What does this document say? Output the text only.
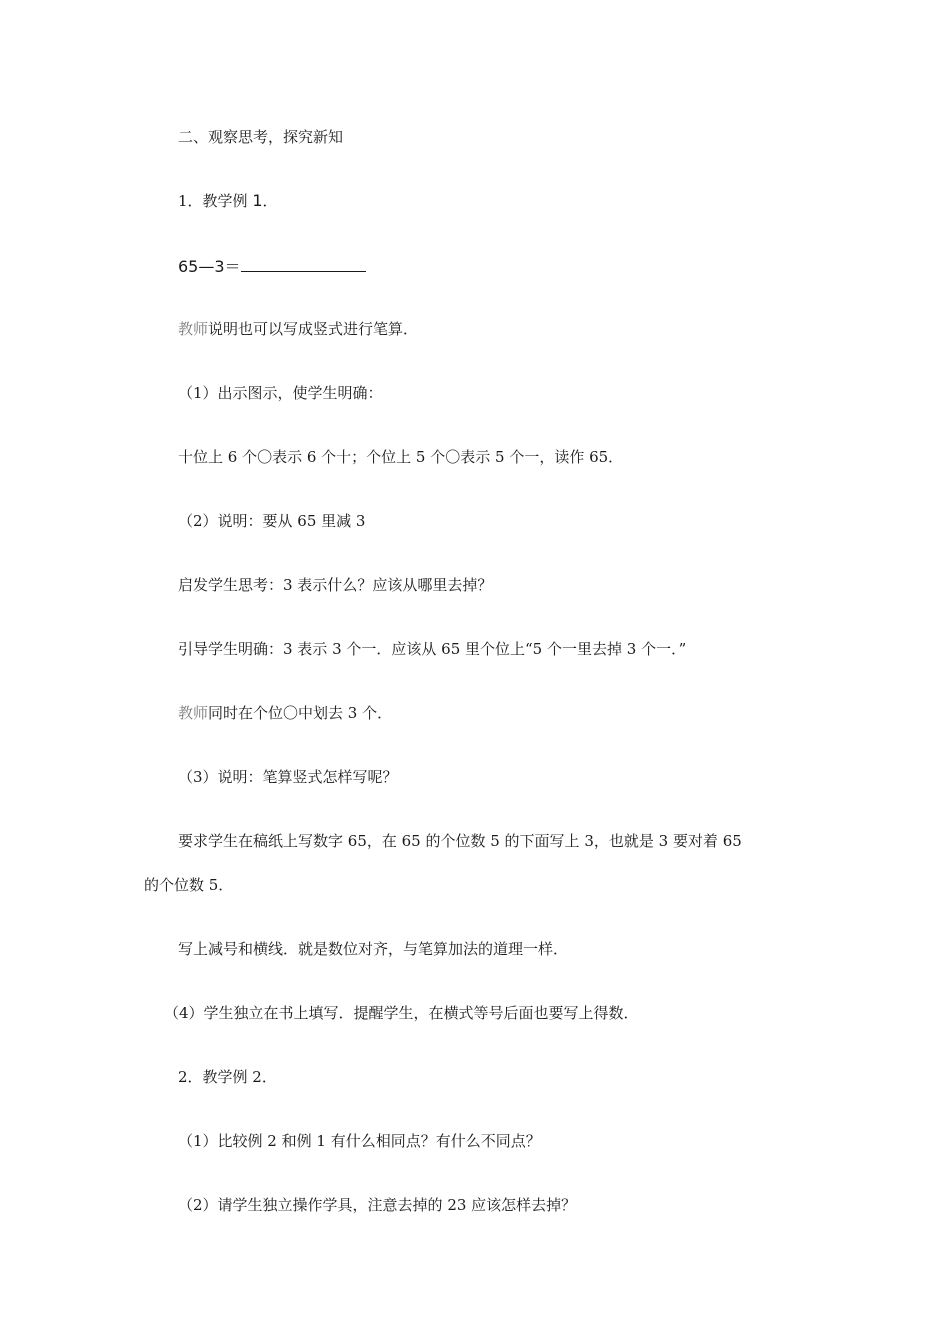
二、观察思考，探究新知
1．教学例 1．
65—3＝
教师说明也可以写成竖式进行笔算．
（1）出示图示，使学生明确：
十位上 6 个〇表示 6 个十；个位上 5 个〇表示 5 个一，读作 65．
（2）说明：要从 65 里减 3
启发学生思考：3 表示什么？应该从哪里去掉？
引导学生明确：3 表示 3 个一．应该从 65 里个位上“5 个一里去掉 3 个一．”
教师同时在个位〇中划去 3 个．
（3）说明：笔算竖式怎样写呢？
要求学生在稿纸上写数字 65，在 65 的个位数 5 的下面写上 3，也就是 3 要对着 65
的个位数 5．
写上减号和横线．就是数位对齐，与笔算加法的道理一样．
（4）学生独立在书上填写．提醒学生，在横式等号后面也要写上得数．
2．教学例 2．
（1）比较例 2 和例 1 有什么相同点？有什么不同点？
（2）请学生独立操作学具，注意去掉的 23 应该怎样去掉？
